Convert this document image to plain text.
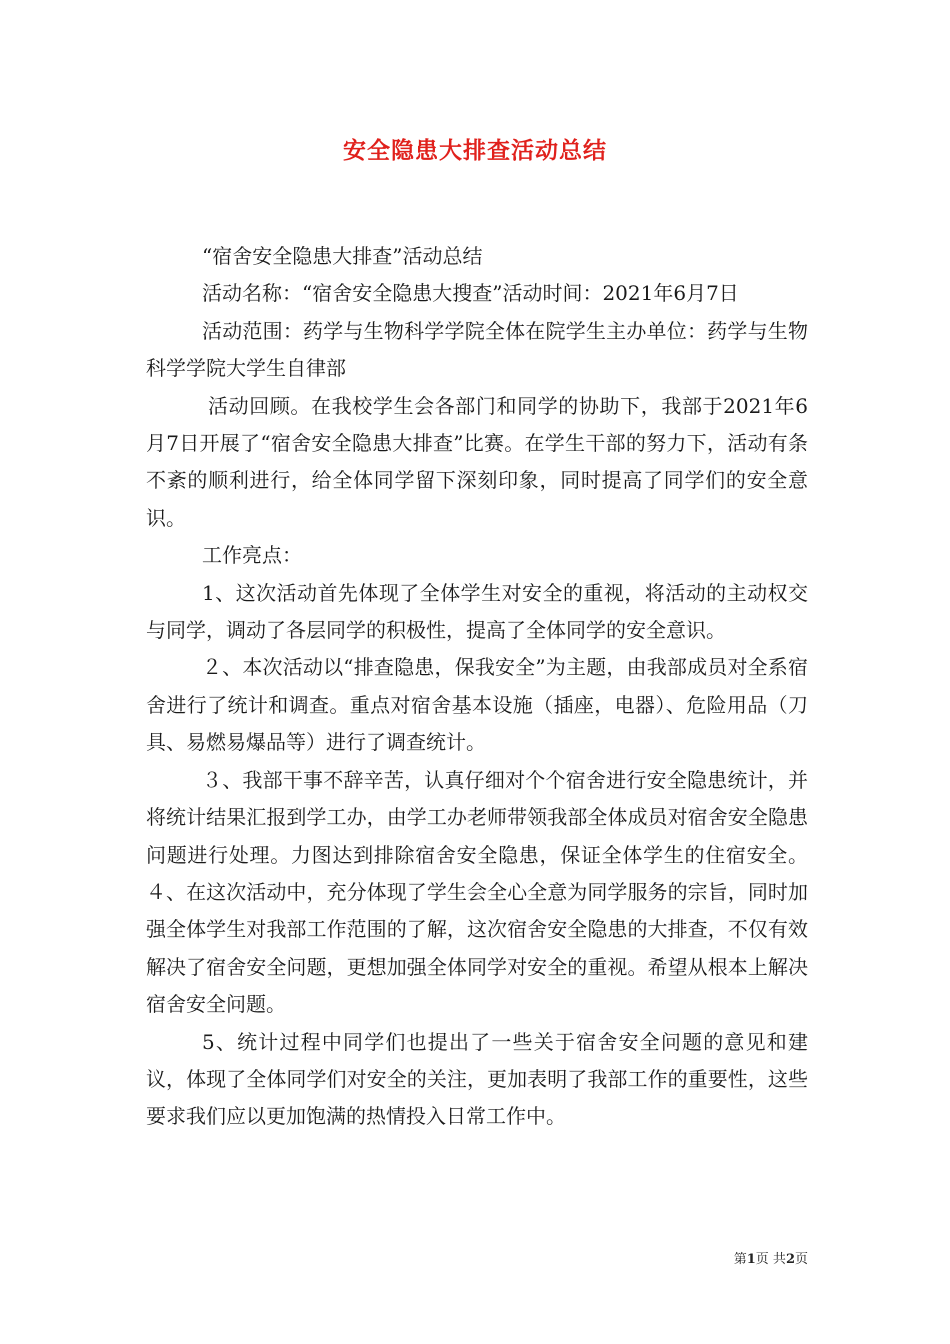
安全隐患大排查活动总结

“宿舍安全隐患大排查”活动总结

活动名称：“宿舍安全隐患大搜查”活动时间：2021年6月7日

活动范围：药学与生物科学学院全体在院学生主办单位：药学与生物科学学院大学生自律部

活动回顾。在我校学生会各部门和同学的协助下，我部于2021年6月7日开展了“宿舍安全隐患大排查”比赛。在学生干部的努力下，活动有条不紊的顺利进行，给全体同学留下深刻印象，同时提高了同学们的安全意识。

工作亮点：

1、这次活动首先体现了全体学生对安全的重视，将活动的主动权交与同学，调动了各层同学的积极性，提高了全体同学的安全意识。

２、本次活动以“排查隐患，保我安全”为主题，由我部成员对全系宿舍进行了统计和调查。重点对宿舍基本设施（插座，电器）、危险用品（刀具、易燃易爆品等）进行了调查统计。

３、我部干事不辞辛苦，认真仔细对个个宿舍进行安全隐患统计，并将统计结果汇报到学工办，由学工办老师带领我部全体成员对宿舍安全隐患问题进行处理。力图达到排除宿舍安全隐患，保证全体学生的住宿安全。４、在这次活动中，充分体现了学生会全心全意为同学服务的宗旨，同时加强全体学生对我部工作范围的了解，这次宿舍安全隐患的大排查，不仅有效解决了宿舍安全问题，更想加强全体同学对安全的重视。希望从根本上解决宿舍安全问题。

5、统计过程中同学们也提出了一些关于宿舍安全问题的意见和建议，体现了全体同学们对安全的关注，更加表明了我部工作的重要性，这些要求我们应以更加饱满的热情投入日常工作中。

第1页 共2页
